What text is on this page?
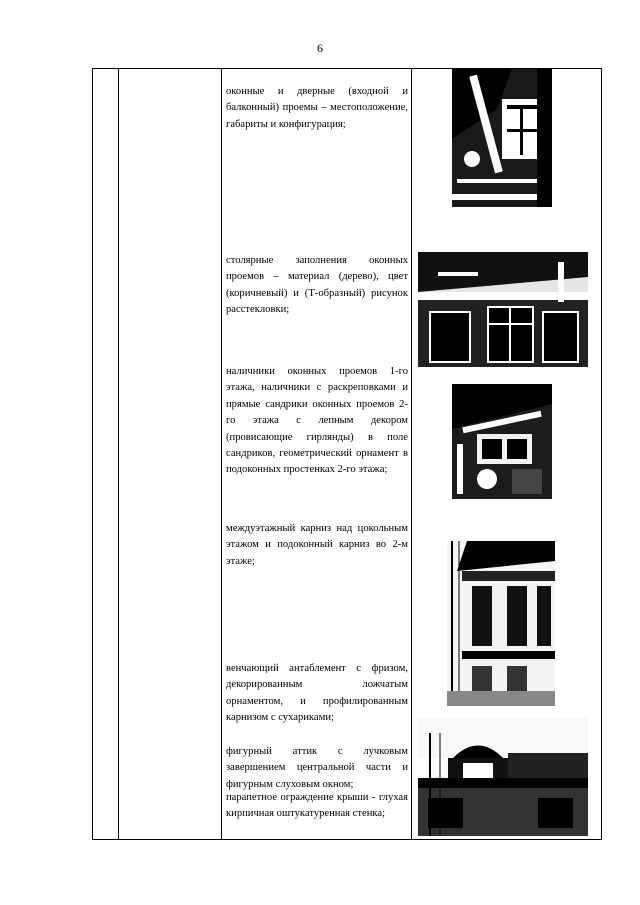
6
оконные и дверные (входной и балконный) проемы – местоположение, габариты и конфигурация;
столярные заполнения оконных проемов – материал (дерево), цвет (коричневый) и (Т-образный) рисунок расстекловки;
наличники оконных проемов 1-го этажа, наличники с раскреповками и прямые сандрики оконных проемов 2-го этажа с лепным декором (провисающие гирлянды) в поле сандриков, геометрический орнамент в подоконных простенках 2-го этажа;
междуэтажный карниз над цокольным этажом и подоконный карниз во 2-м этаже;
венчающий антаблемент с фризом, декорированным ложчатым орнаментом, и профилированным карнизом с сухариками;
фигурный аттик с лучковым завершением центральной части и фигурным слуховым окном;
парапетное ограждение крыши - глухая кирпичная оштукатуренная стенка;
